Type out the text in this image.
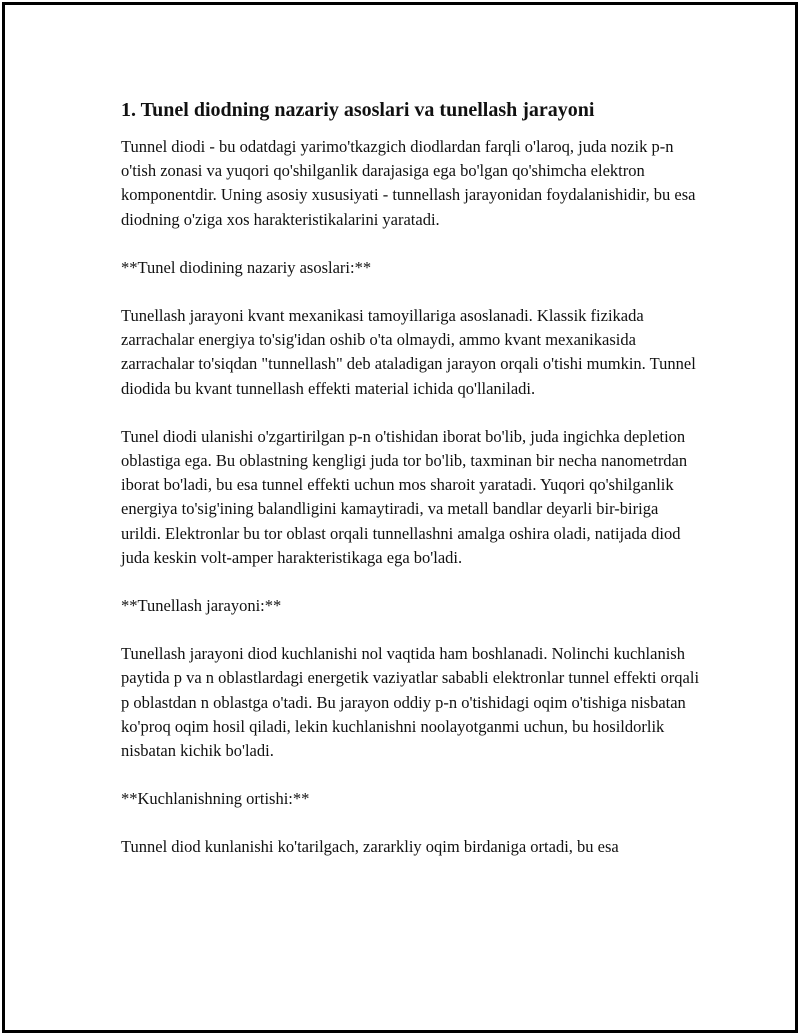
1. Tunel diodning nazariy asoslari va tunellash jarayoni

Tunnel diodi - bu odatdagi yarimo'tkazgich diodlardan farqli o'laroq, juda nozik p-n o'tish zonasi va yuqori qo'shilganlik darajasiga ega bo'lgan qo'shimcha elektron komponentdir. Uning asosiy xususiyati - tunnellash jarayonidan foydalanishidir, bu esa diodning o'ziga xos harakteristikalarini yaratadi.

**Tunel diodining nazariy asoslari:**

Tunellash jarayoni kvant mexanikasi tamoyillariga asoslanadi. Klassik fizikada zarrachalar energiya to'sig'idan oshib o'ta olmaydi, ammo kvant mexanikasida zarrachalar to'siqdan "tunnellash" deb ataladigan jarayon orqali o'tishi mumkin. Tunnel diodida bu kvant tunnellash effekti material ichida qo'llaniladi.

Tunel diodi ulanishi o'zgartirilgan p-n o'tishidan iborat bo'lib, juda ingichka depletion oblastiga ega. Bu oblastning kengligi juda tor bo'lib, taxminan bir necha nanometrdan iborat bo'ladi, bu esa tunnel effekti uchun mos sharoit yaratadi. Yuqori qo'shilganlik energiya to'sig'ining balandligini kamaytiradi, va metall bandlar deyarli bir-biriga urildi. Elektronlar bu tor oblast orqali tunnellashni amalga oshira oladi, natijada diod juda keskin volt-amper harakteristikaga ega bo'ladi.

**Tunellash jarayoni:**

Tunellash jarayoni diod kuchlanishi nol vaqtida ham boshlanadi. Nolinchi kuchlanish paytida p va n oblastlardagi energetik vaziyatlar sababli elektronlar tunnel effekti orqali p oblastdan n oblastga o'tadi. Bu jarayon oddiy p-n o'tishidagi oqim o'tishiga nisbatan ko'proq oqim hosil qiladi, lekin kuchlanishni noolayotganmi uchun, bu hosildorlik nisbatan kichik bo'ladi.

**Kuchlanishning ortishi:**

Tunnel diod kunlanishi ko'tarilgach, zararkliy oqim birdaniga ortadi, bu esa
